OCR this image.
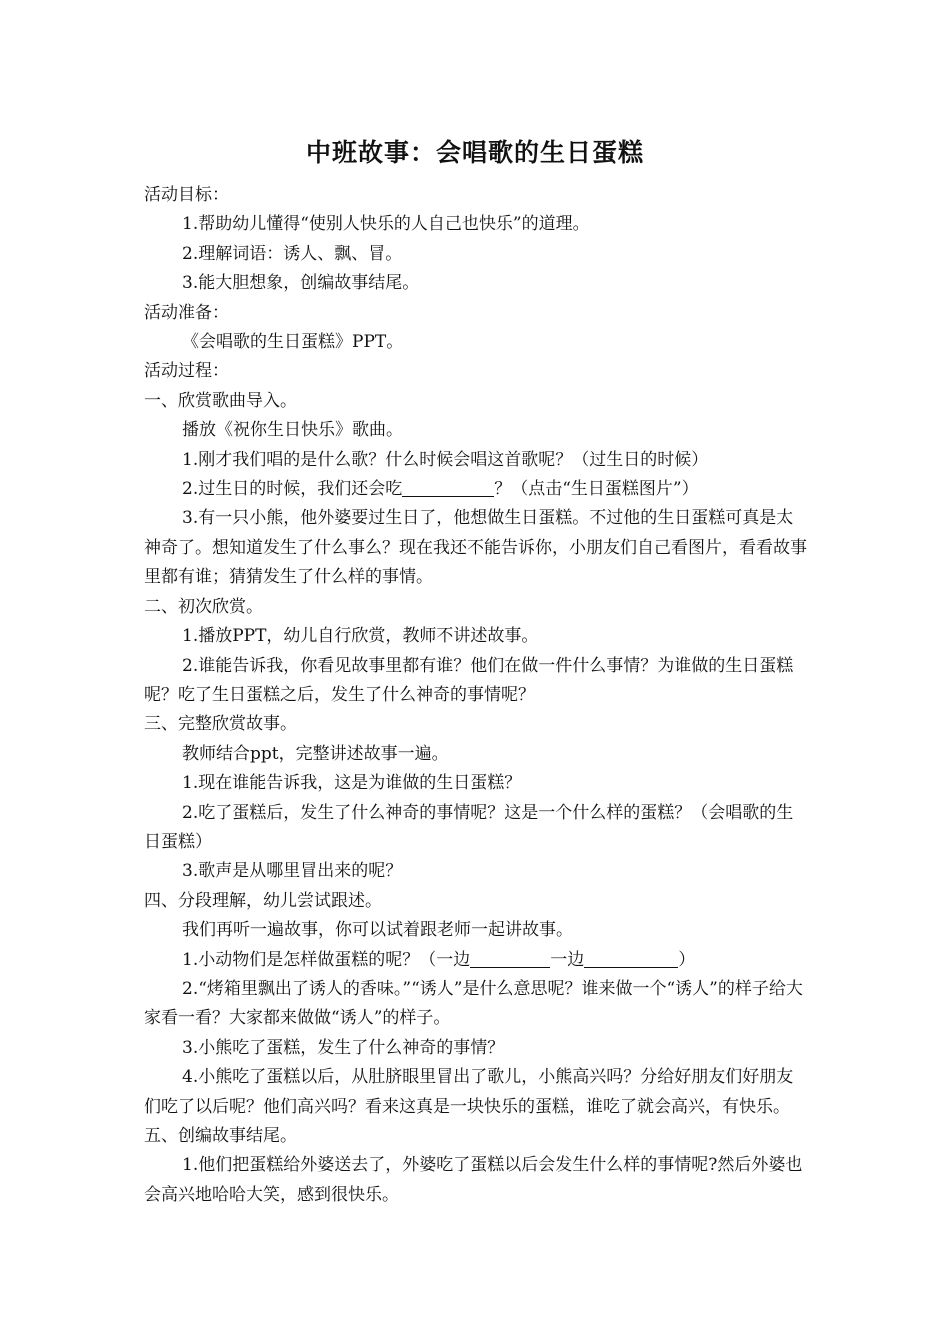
中班故事：会唱歌的生日蛋糕

活动目标：

1.帮助幼儿懂得“使别人快乐的人自己也快乐”的道理。

2.理解词语：诱人、飘、冒。

3.能大胆想象，创编故事结尾。

活动准备：

《会唱歌的生日蛋糕》PPT。

活动过程：

一、欣赏歌曲导入。

播放《祝你生日快乐》歌曲。

1.刚才我们唱的是什么歌？什么时候会唱这首歌呢？（过生日的时候）

2.过生日的时候，我们还会吃	？（点击“生日蛋糕图片”）

3.有一只小熊，他外婆要过生日了，他想做生日蛋糕。不过他的生日蛋糕可真是太神奇了。想知道发生了什么事么？现在我还不能告诉你，小朋友们自己看图片，看看故事里都有谁；猜猜发生了什么样的事情。

二、初次欣赏。

1.播放PPT，幼儿自行欣赏，教师不讲述故事。

2.谁能告诉我，你看见故事里都有谁？他们在做一件什么事情？为谁做的生日蛋糕呢？吃了生日蛋糕之后，发生了什么神奇的事情呢？

三、完整欣赏故事。

教师结合ppt，完整讲述故事一遍。

1.现在谁能告诉我，这是为谁做的生日蛋糕？

2.吃了蛋糕后，发生了什么神奇的事情呢？这是一个什么样的蛋糕？（会唱歌的生日蛋糕）

3.歌声是从哪里冒出来的呢？

四、分段理解，幼儿尝试跟述。

我们再听一遍故事，你可以试着跟老师一起讲故事。

1.小动物们是怎样做蛋糕的呢？（一边	一边	）

2.“烤箱里飘出了诱人的香味。”“诱人”是什么意思呢？谁来做一个“诱人”的样子给大家看一看？大家都来做做“诱人”的样子。

3.小熊吃了蛋糕，发生了什么神奇的事情？

4.小熊吃了蛋糕以后，从肚脐眼里冒出了歌儿，小熊高兴吗？分给好朋友们好朋友们吃了以后呢？他们高兴吗？看来这真是一块快乐的蛋糕，谁吃了就会高兴，有快乐。

五、创编故事结尾。

1.他们把蛋糕给外婆送去了，外婆吃了蛋糕以后会发生什么样的事情呢?然后外婆也会高兴地哈哈大笑，感到很快乐。
